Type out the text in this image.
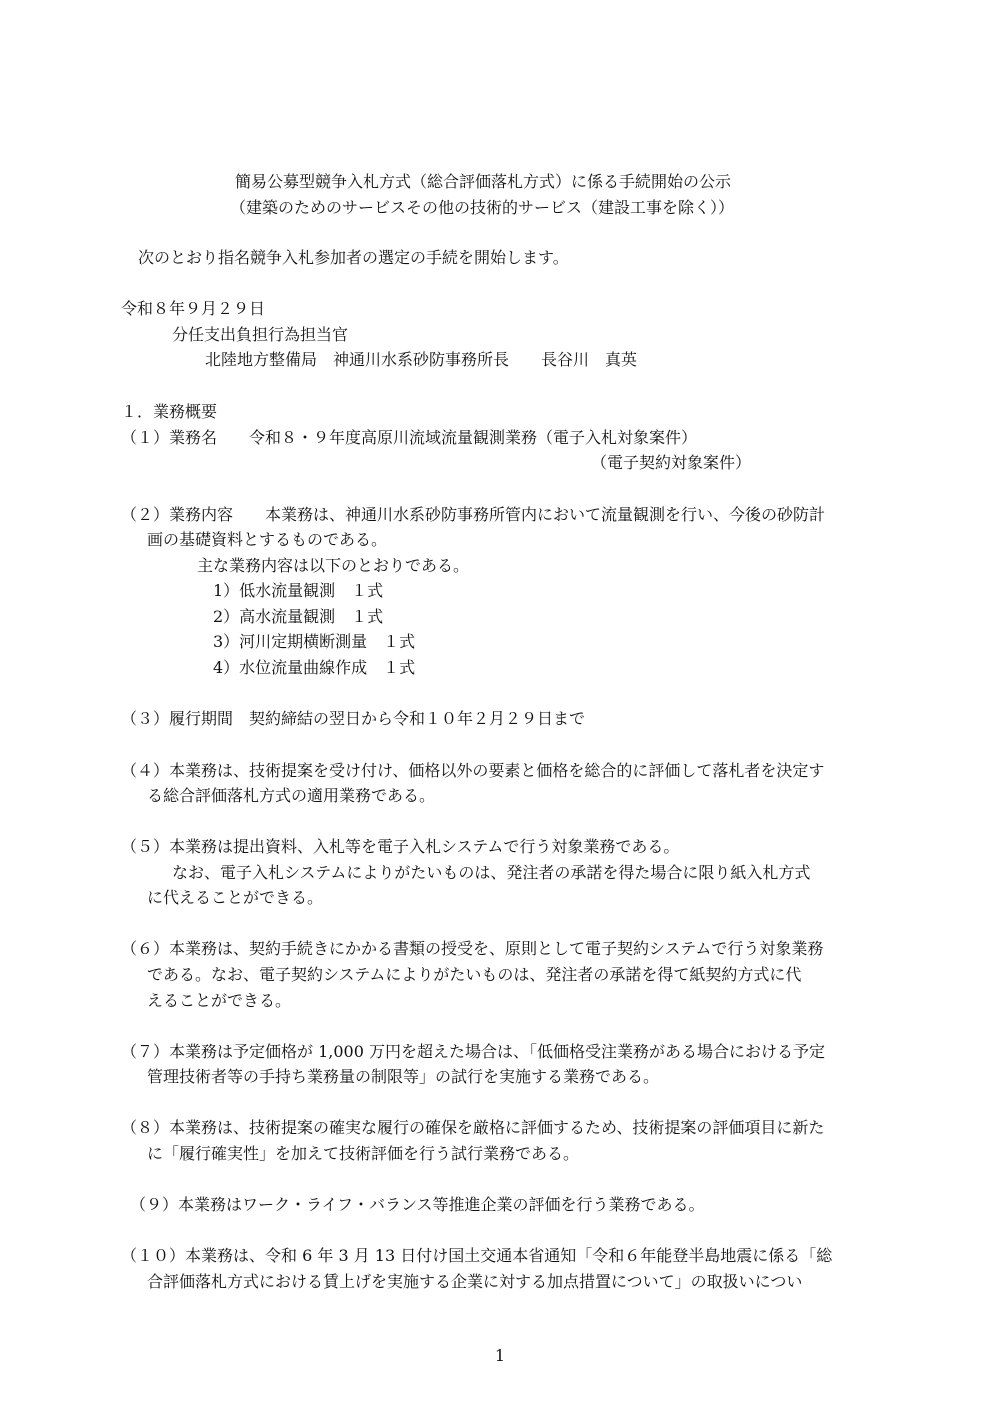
簡易公募型競争入札方式（総合評価落札方式）に係る手続開始の公示

（建築のためのサービスその他の技術的サービス（建設工事を除く））

次のとおり指名競争入札参加者の選定の手続を開始します。

令和８年９月２９日

分任支出負担行為担当官

北陸地方整備局　神通川水系砂防事務所長　　長谷川　真英

１．業務概要

（１）業務名　　令和８・９年度高原川流域流量観測業務（電子入札対象案件）

（電子契約対象案件）

（２）業務内容　　本業務は、神通川水系砂防事務所管内において流量観測を行い、今後の砂防計

画の基礎資料とするものである。

主な業務内容は以下のとおりである。

1）低水流量観測　１式

2）高水流量観測　１式

3）河川定期横断測量　１式

4）水位流量曲線作成　１式

（３）履行期間　契約締結の翌日から令和１０年２月２９日まで

（４）本業務は、技術提案を受け付け、価格以外の要素と価格を総合的に評価して落札者を決定す

る総合評価落札方式の適用業務である。

（５）本業務は提出資料、入札等を電子入札システムで行う対象業務である。

なお、電子入札システムによりがたいものは、発注者の承諾を得た場合に限り紙入札方式

に代えることができる。

（６）本業務は、契約手続きにかかる書類の授受を、原則として電子契約システムで行う対象業務

である。なお、電子契約システムによりがたいものは、発注者の承諾を得て紙契約方式に代

えることができる。

（７）本業務は予定価格が 1,000 万円を超えた場合は、「低価格受注業務がある場合における予定

管理技術者等の手持ち業務量の制限等」の試行を実施する業務である。

（８）本業務は、技術提案の確実な履行の確保を厳格に評価するため、技術提案の評価項目に新た

に「履行確実性」を加えて技術評価を行う試行業務である。

（９）本業務はワーク・ライフ・バランス等推進企業の評価を行う業務である。

（１０）本業務は、令和 6 年 3 月 13 日付け国土交通本省通知「令和６年能登半島地震に係る「総

合評価落札方式における賃上げを実施する企業に対する加点措置について」の取扱いについ

1
